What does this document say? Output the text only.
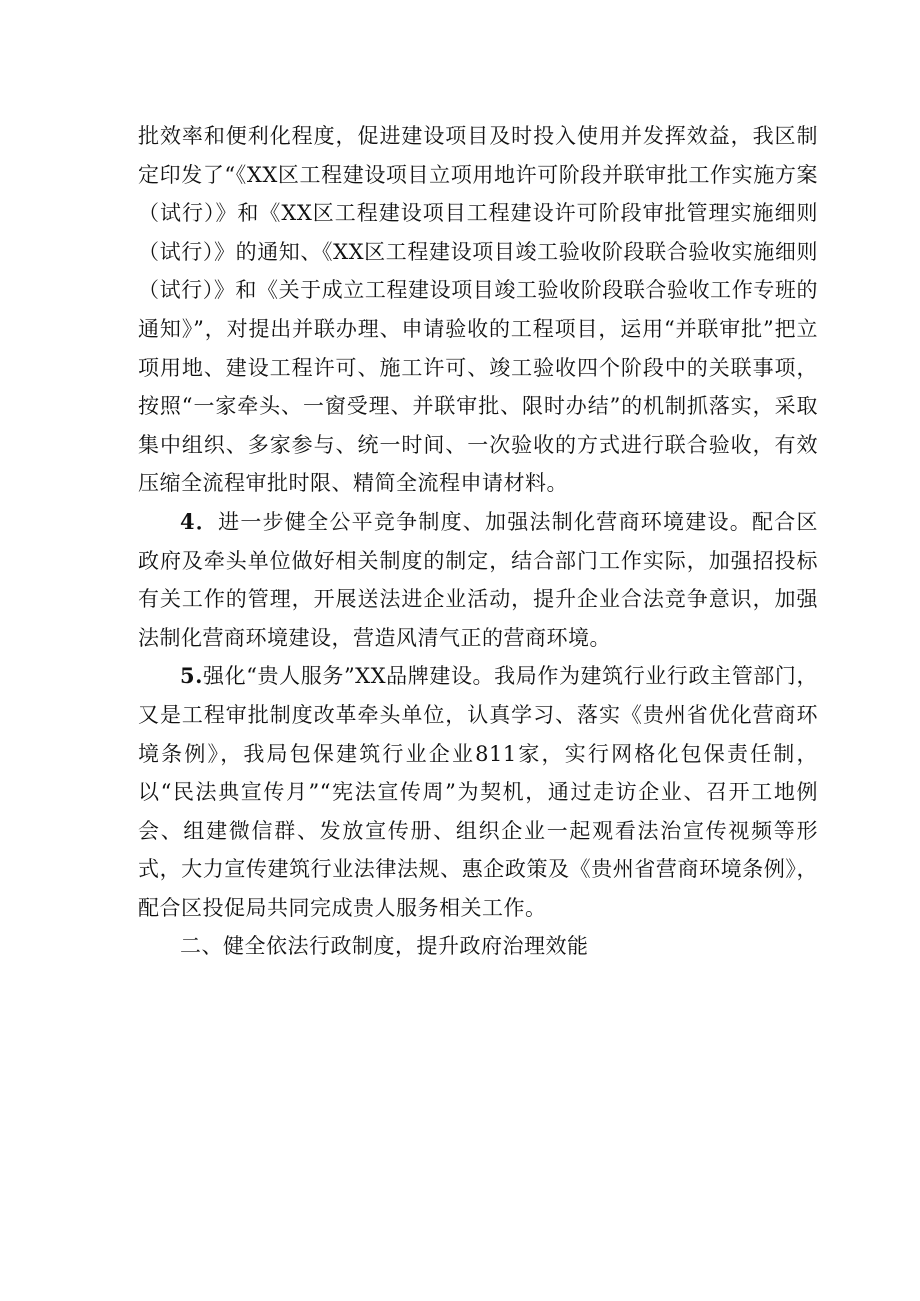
批效率和便利化程度，促进建设项目及时投入使用并发挥效益，我区制定印发了“《XX区工程建设项目立项用地许可阶段并联审批工作实施方案（试行）》和《XX区工程建设项目工程建设许可阶段审批管理实施细则（试行）》的通知、《XX区工程建设项目竣工验收阶段联合验收实施细则（试行）》和《关于成立工程建设项目竣工验收阶段联合验收工作专班的通知》”，对提出并联办理、申请验收的工程项目，运用“并联审批”把立项用地、建设工程许可、施工许可、竣工验收四个阶段中的关联事项，按照“一家牵头、一窗受理、并联审批、限时办结”的机制抓落实，采取集中组织、多家参与、统一时间、一次验收的方式进行联合验收，有效压缩全流程审批时限、精简全流程申请材料。

4．进一步健全公平竞争制度、加强法制化营商环境建设。配合区政府及牵头单位做好相关制度的制定，结合部门工作实际，加强招投标有关工作的管理，开展送法进企业活动，提升企业合法竞争意识，加强法制化营商环境建设，营造风清气正的营商环境。

5.强化“贵人服务”XX品牌建设。我局作为建筑行业行政主管部门，又是工程审批制度改革牵头单位，认真学习、落实《贵州省优化营商环境条例》，我局包保建筑行业企业811家，实行网格化包保责任制，以“民法典宣传月”“宪法宣传周”为契机，通过走访企业、召开工地例会、组建微信群、发放宣传册、组织企业一起观看法治宣传视频等形式，大力宣传建筑行业法律法规、惠企政策及《贵州省营商环境条例》，配合区投促局共同完成贵人服务相关工作。

二、健全依法行政制度，提升政府治理效能
